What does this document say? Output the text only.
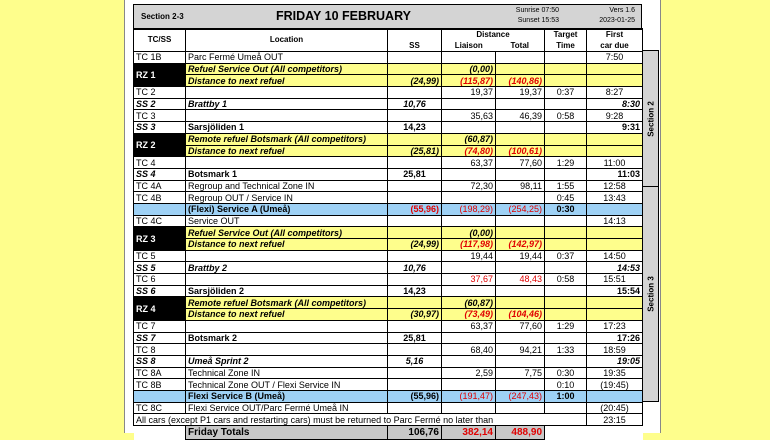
Section 2-3	FRIDAY 10 FEBRUARY	Sunrise 07:50
Sunset 15:53
Vers 1.6
2023-01-25
TC/SS	Location		Distance		Target	First
		SS	Liaison	Total	Time	car due
TC 1B	Parc Fermé Umeå OUT					7:50
RZ 1	Refuel Service Out (All competitors)		(0,00)			
	Distance to next refuel	(24,99)	(115,87)	(140,86)		
TC 2			19,37	19,37	0:37	8:27
SS 2	Brattby 1	10,76				8:30
TC 3			35,63	46,39	0:58	9:28
SS 3	Sarsjöliden 1	14,23				9:31
RZ 2	Remote refuel Botsmark (All competitors)		(60,87)			
	Distance to next refuel	(25,81)	(74,80)	(100,61)		
TC 4			63,37	77,60	1:29	11:00
SS 4	Botsmark 1	25,81				11:03
TC 4A	Regroup and Technical Zone IN		72,30	98,11	1:55	12:58
TC 4B	Regroup OUT / Service IN				0:45	13:43
	(Flexi) Service A (Umeå)	(55,96)	(198,29)	(254,25)	0:30	
TC 4C	Service OUT					14:13
RZ 3	Refuel Service Out (All competitors)		(0,00)			
	Distance to next refuel	(24,99)	(117,98)	(142,97)		
TC 5			19,44	19,44	0:37	14:50
SS 5	Brattby 2	10,76				14:53
TC 6			37,67	48,43	0:58	15:51
SS 6	Sarsjöliden 2	14,23				15:54
RZ 4	Remote refuel Botsmark (All competitors)		(60,87)			
	Distance to next refuel	(30,97)	(73,49)	(104,46)		
TC 7			63,37	77,60	1:29	17:23
SS 7	Botsmark 2	25,81				17:26
TC 8			68,40	94,21	1:33	18:59
SS 8	Umeå Sprint 2	5,16				19:05
TC 8A	Technical Zone IN		2,59	7,75	0:30	19:35
TC 8B	Technical Zone OUT / Flexi Service IN				0:10	(19:45)
	Flexi Service B (Umeå)	(55,96)	(191,47)	(247,43)	1:00	
TC 8C	Flexi Service OUT/Parc Fermé Umeå IN					(20:45)
All cars (except P1 cars and restarting cars) must be returned to Parc Fermé no later than						23:15
	Friday Totals	106,76	382,14	488,90		
Section 2
Section 3
